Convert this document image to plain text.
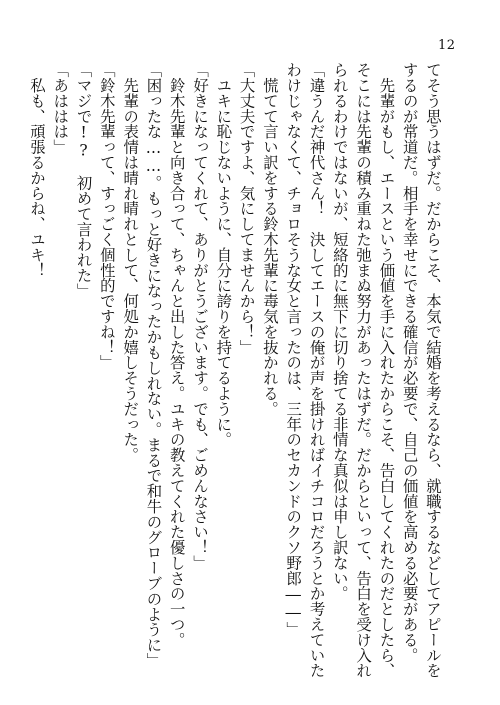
12
てそう思うはずだ。だからこそ、本気で結婚を考えるなら、就職するなどしてアピールを
するのが常道だ。相手を幸せにできる確信が必要で、自己の価値を高める必要がある。
　先輩がもし、エースという価値を手に入れたからこそ、告白してくれたのだとしたら、
そこには先輩の積み重ねた弛まぬ努力があったはずだ。だからといって、告白を受け入れ
られるわけではないが、短絡的に無下に切り捨てる非情な真似は申し訳ない。
「違うんだ神代さん！　決してエースの俺が声を掛ければイチコロだろうとか考えていた
わけじゃなくて、チョロそうな女と言ったのは、三年のセカンドのクソ野郎――」
　慌てて言い訳をする鈴木先輩に毒気を抜かれる。
「大丈夫ですよ、気にしてませんから！」
　ユキに恥じないように、自分に誇りを持てるように。
「好きになってくれて、ありがとうございます。でも、ごめんなさい！」
　鈴木先輩と向き合って、ちゃんと出した答え。ユキの教えてくれた優しさの一つ。
「困ったな……。もっと好きになったかもしれない。まるで和牛のグローブのように」
　先輩の表情は晴れ晴れとして、何処か嬉しそうだった。
「鈴木先輩って、すっごく個性的ですね！」
「マジで!?　初めて言われた」
「あははは」
　私も、頑張るからね、ユキ！
